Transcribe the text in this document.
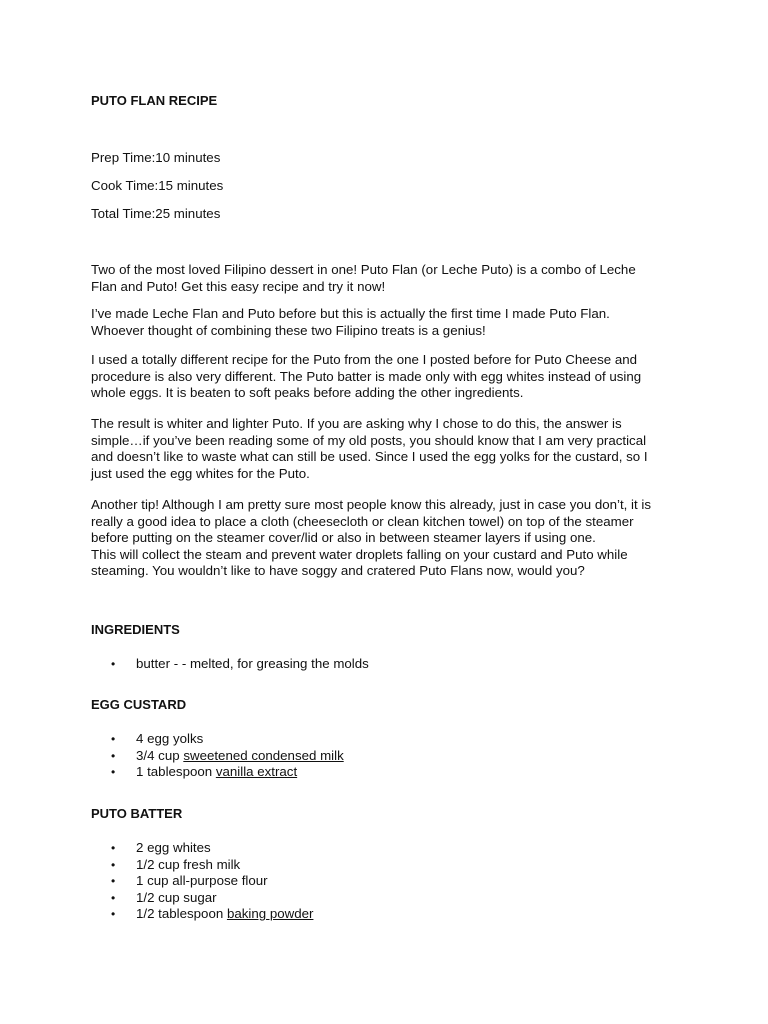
PUTO FLAN RECIPE

Prep Time:10 minutes

Cook Time:15 minutes

Total Time:25 minutes

Two of the most loved Filipino dessert in one! Puto Flan (or Leche Puto) is a combo of Leche
Flan and Puto! Get this easy recipe and try it now!

I’ve made Leche Flan and Puto before but this is actually the first time I made Puto Flan.
Whoever thought of combining these two Filipino treats is a genius!

I used a totally different recipe for the Puto from the one I posted before for Puto Cheese and
procedure is also very different. The Puto batter is made only with egg whites instead of using
whole eggs. It is beaten to soft peaks before adding the other ingredients.

The result is whiter and lighter Puto. If you are asking why I chose to do this, the answer is
simple…if you’ve been reading some of my old posts, you should know that I am very practical
and doesn’t like to waste what can still be used. Since I used the egg yolks for the custard, so I
just used the egg whites for the Puto.

Another tip! Although I am pretty sure most people know this already, just in case you don’t, it is
really a good idea to place a cloth (cheesecloth or clean kitchen towel) on top of the steamer
before putting on the steamer cover/lid or also in between steamer layers if using one.
This will collect the steam and prevent water droplets falling on your custard and Puto while
steaming. You wouldn’t like to have soggy and cratered Puto Flans now, would you?

INGREDIENTS
• butter - - melted, for greasing the molds
EGG CUSTARD
• 4 egg yolks
• 3/4 cup sweetened condensed milk
• 1 tablespoon vanilla extract
PUTO BATTER
• 2 egg whites
• 1/2 cup fresh milk
• 1 cup all-purpose flour
• 1/2 cup sugar
• 1/2 tablespoon baking powder
